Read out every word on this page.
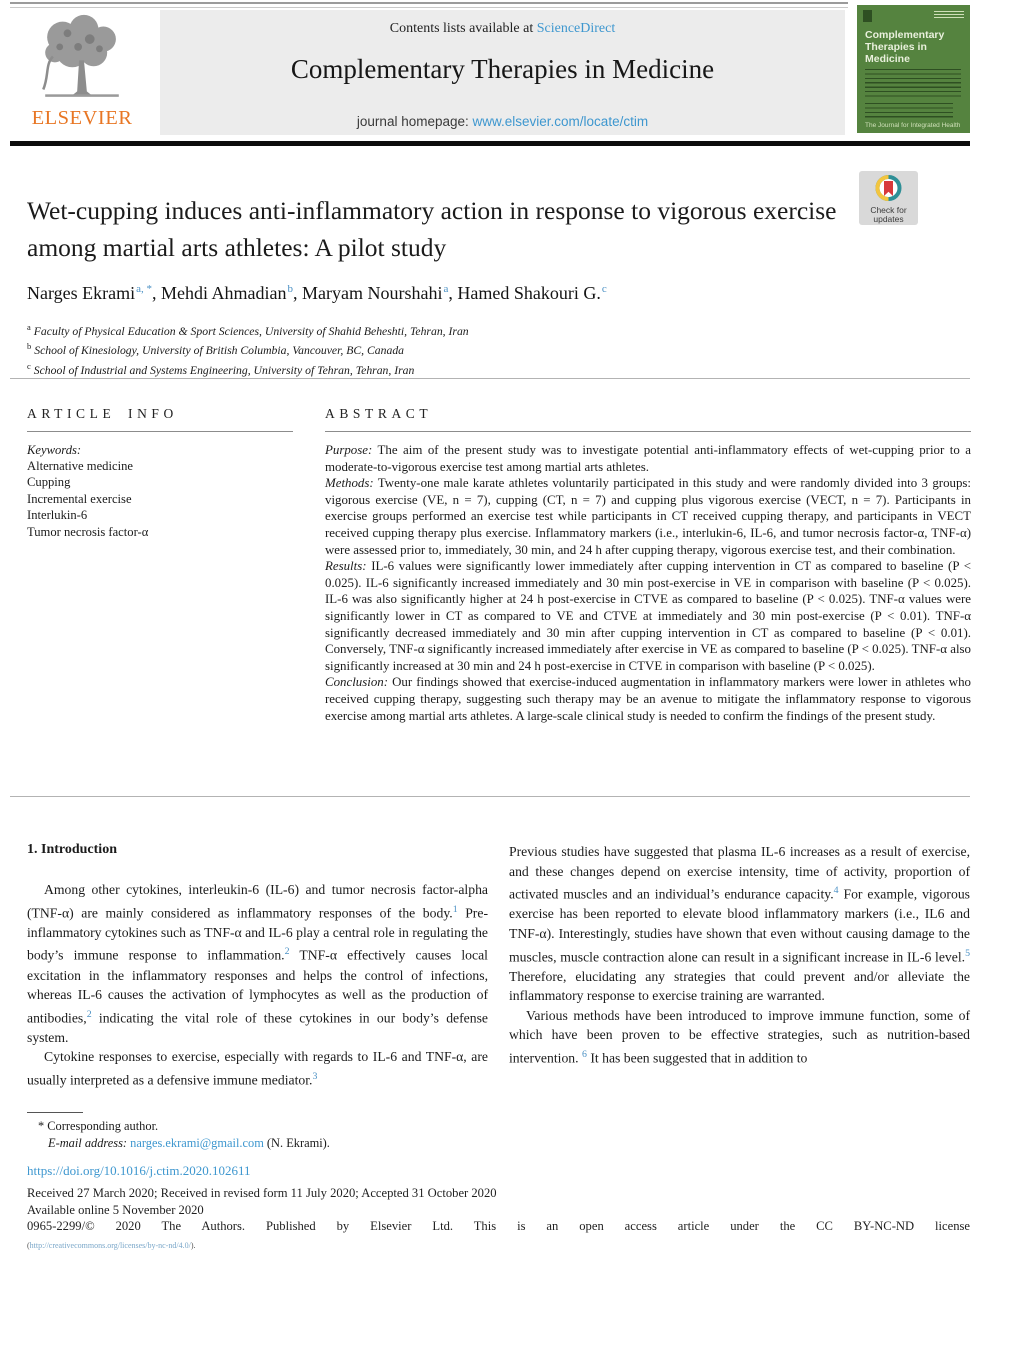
ELSEVIER
Contents lists available at ScienceDirect
Complementary Therapies in Medicine
journal homepage: www.elsevier.com/locate/ctim
Complementary Therapies in Medicine
The Journal for Integrated Health
Wet-cupping induces anti-inflammatory action in response to vigorous exercise among martial arts athletes: A pilot study
Check for
updates
Narges Ekrami$^{a, *}$, Mehdi Ahmadian$^b$, Maryam Nourshahi$^a$, Hamed Shakouri G.$^c$
$^a$ Faculty of Physical Education & Sport Sciences, University of Shahid Beheshti, Tehran, Iran
$^b$ School of Kinesiology, University of British Columbia, Vancouver, BC, Canada
$^c$ School of Industrial and Systems Engineering, University of Tehran, Tehran, Iran
ARTICLE INFO
Keywords:
Alternative medicine
Cupping
Incremental exercise
Interlukin-6
Tumor necrosis factor-α
ABSTRACT

Purpose: The aim of the present study was to investigate potential anti-inflammatory effects of wet-cupping prior to a moderate-to-vigorous exercise test among martial arts athletes.

Methods: Twenty-one male karate athletes voluntarily participated in this study and were randomly divided into 3 groups: vigorous exercise (VE, n = 7), cupping (CT, n = 7) and cupping plus vigorous exercise (VECT, n = 7). Participants in exercise groups performed an exercise test while participants in CT received cupping therapy, and participants in VECT received cupping therapy plus exercise. Inflammatory markers (i.e., interlukin-6, IL-6, and tumor necrosis factor-α, TNF-α) were assessed prior to, immediately, 30 min, and 24 h after cupping therapy, vigorous exercise test, and their combination.

Results: IL-6 values were significantly lower immediately after cupping intervention in CT as compared to baseline (P < 0.025). IL-6 significantly increased immediately and 30 min post-exercise in VE in comparison with baseline (P < 0.025). IL-6 was also significantly higher at 24 h post-exercise in CTVE as compared to baseline (P < 0.025). TNF-α values were significantly lower in CT as compared to VE and CTVE at immediately and 30 min post-exercise (P < 0.01). TNF-α significantly decreased immediately and 30 min after cupping intervention in CT as compared to baseline (P < 0.01). Conversely, TNF-α significantly increased immediately after exercise in VE as compared to baseline (P < 0.025). TNF-α also significantly increased at 30 min and 24 h post-exercise in CTVE in comparison with baseline (P < 0.025).

Conclusion: Our findings showed that exercise-induced augmentation in inflammatory markers were lower in athletes who received cupping therapy, suggesting such therapy may be an avenue to mitigate the inflammatory response to vigorous exercise among martial arts athletes. A large-scale clinical study is needed to confirm the findings of the present study.

1. Introduction

Among other cytokines, interleukin-6 (IL-6) and tumor necrosis factor-alpha (TNF-α) are mainly considered as inflammatory responses of the body.$^1$ Pre-inflammatory cytokines such as TNF-α and IL-6 play a central role in regulating the body’s immune response to inflammation.$^2$ TNF-α effectively causes local excitation in the inflammatory responses and helps the control of infections, whereas IL-6 causes the activation of lymphocytes as well as the production of antibodies,$^2$ indicating the vital role of these cytokines in our body’s defense system.

Cytokine responses to exercise, especially with regards to IL-6 and TNF-α, are usually interpreted as a defensive immune mediator.$^3$

Previous studies have suggested that plasma IL-6 increases as a result of exercise, and these changes depend on exercise intensity, time of activity, proportion of activated muscles and an individual’s endurance capacity.$^4$ For example, vigorous exercise has been reported to elevate blood inflammatory markers (i.e., IL6 and TNF-α). Interestingly, studies have shown that even without causing damage to the muscles, muscle contraction alone can result in a significant increase in IL-6 level.$^5$ Therefore, elucidating any strategies that could prevent and/or alleviate the inflammatory response to exercise training are warranted.

Various methods have been introduced to improve immune function, some of which have been proven to be effective strategies, such as nutrition-based intervention. $^6$ It has been suggested that in addition to

* Corresponding author.
E-mail address: narges.ekrami@gmail.com (N. Ekrami).
https://doi.org/10.1016/j.ctim.2020.102611
Received 27 March 2020; Received in revised form 11 July 2020; Accepted 31 October 2020
Available online 5 November 2020
0965-2299/© 2020 The Authors. Published by Elsevier Ltd. This is an open access article under the CC BY-NC-ND license
(http://creativecommons.org/licenses/by-nc-nd/4.0/).
